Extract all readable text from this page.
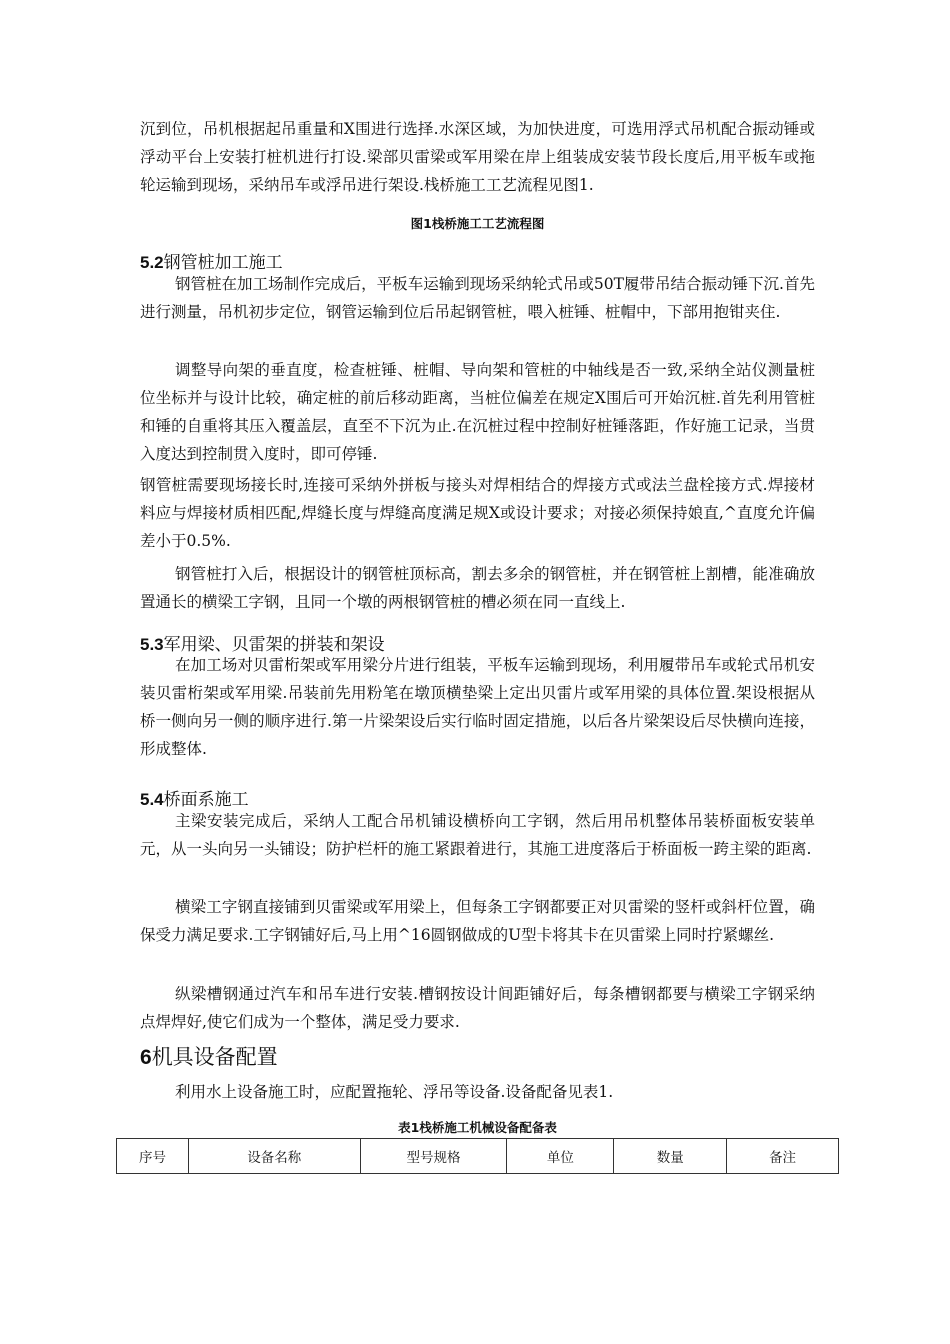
沉到位，吊机根据起吊重量和Ⅹ围进行选择.水深区域，为加快进度，可选用浮式吊机配合振动锤或浮动平台上安装打桩机进行打设.梁部贝雷梁或军用梁在岸上组装成安装节段长度后,用平板车或拖轮运输到现场，采纳吊车或浮吊进行架设.栈桥施工工艺流程见图1.

图1栈桥施工工艺流程图

5.2钢管桩加工施工

钢管桩在加工场制作完成后，平板车运输到现场采纳轮式吊或50T履带吊结合振动锤下沉.首先进行测量，吊机初步定位，钢管运输到位后吊起钢管桩，喂入桩锤、桩帽中，下部用抱钳夹住.

调整导向架的垂直度，检查桩锤、桩帽、导向架和管桩的中轴线是否一致,采纳全站仪测量桩位坐标并与设计比较，确定桩的前后移动距离，当桩位偏差在规定Ⅹ围后可开始沉桩.首先利用管桩和锤的自重将其压入覆盖层，直至不下沉为止.在沉桩过程中控制好桩锤落距，作好施工记录，当贯入度达到控制贯入度时，即可停锤.

钢管桩需要现场接长时,连接可采纳外拼板与接头对焊相结合的焊接方式或法兰盘栓接方式.焊接材料应与焊接材质相匹配,焊缝长度与焊缝高度满足规Ⅹ或设计要求；对接必须保持娘直,^直度允许偏差小于0.5%.

钢管桩打入后，根据设计的钢管桩顶标高，割去多余的钢管桩，并在钢管桩上割槽，能准确放置通长的横梁工字钢，且同一个墩的两根钢管桩的槽必须在同一直线上.

5.3军用梁、贝雷架的拼装和架设

在加工场对贝雷桁架或军用梁分片进行组装，平板车运输到现场，利用履带吊车或轮式吊机安装贝雷桁架或军用梁.吊装前先用粉笔在墩顶横垫梁上定出贝雷片或军用梁的具体位置.架设根据从桥一侧向另一侧的顺序进行.第一片梁架设后实行临时固定措施，以后各片梁架设后尽快横向连接，形成整体.

5.4桥面系施工

主梁安装完成后，采纳人工配合吊机铺设横桥向工字钢，然后用吊机整体吊装桥面板安装单元，从一头向另一头铺设；防护栏杆的施工紧跟着进行，其施工进度落后于桥面板一跨主梁的距离.

横梁工字钢直接铺到贝雷梁或军用梁上，但每条工字钢都要正对贝雷梁的竖杆或斜杆位置，确保受力满足要求.工字钢铺好后,马上用^16圆钢做成的U型卡将其卡在贝雷梁上同时拧紧螺丝.

纵梁槽钢通过汽车和吊车进行安装.槽钢按设计间距铺好后，每条槽钢都要与横梁工字钢采纳点焊焊好,使它们成为一个整体，满足受力要求.

6机具设备配置

利用水上设备施工时，应配置拖轮、浮吊等设备.设备配备见表1.

表1栈桥施工机械设备配备表

序号	设备名称	型号规格	单位	数量	备注
